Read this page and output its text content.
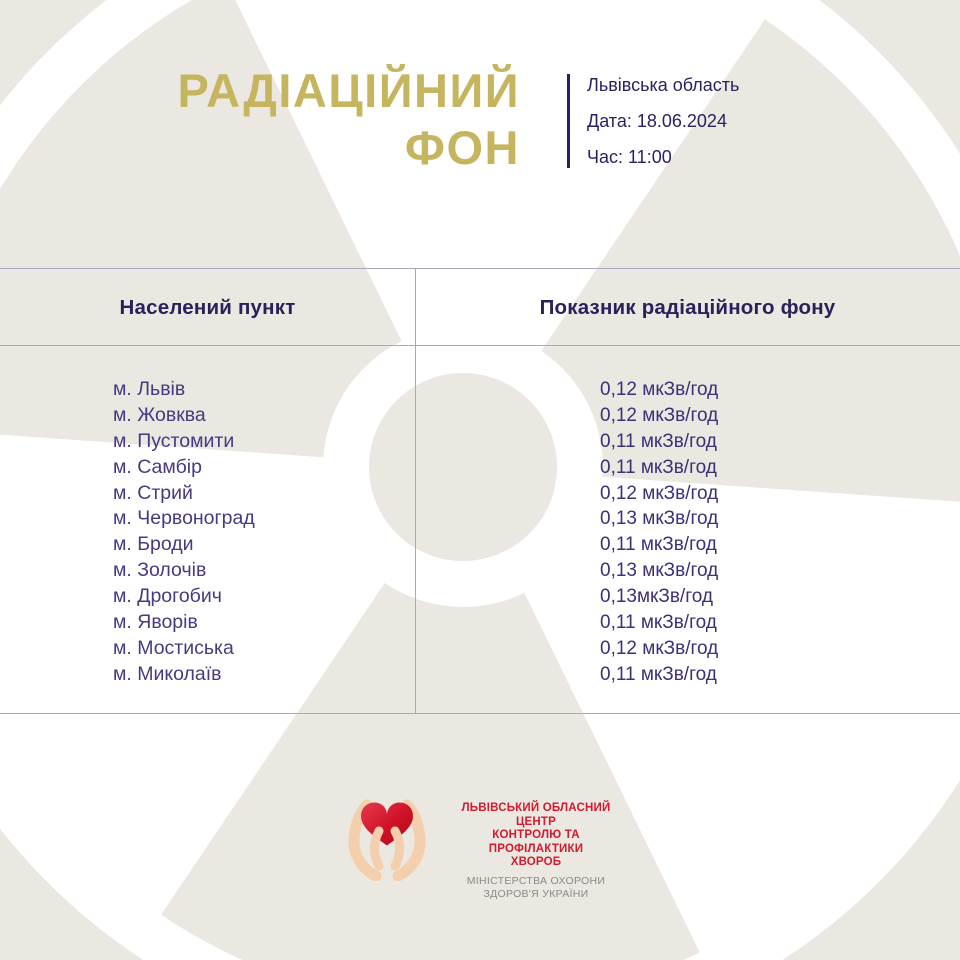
РАДІАЦІЙНИЙ
ФОН

Львівська область

Дата: 18.06.2024

Час: 11:00

Населений пункт	Показник радіаційного фону
м. Львів
м. Жовква
м. Пустомити
м. Самбір
м. Стрий
м. Червоноград
м. Броди
м. Золочів
м. Дрогобич
м. Яворів
м. Мостиська
м. Миколаїв
0,12 мкЗв/год
0,12 мкЗв/год
0,11 мкЗв/год
0,11 мкЗв/год
0,12 мкЗв/год
0,13 мкЗв/год
0,11 мкЗв/год
0,13 мкЗв/год
0,13мкЗв/год
0,11 мкЗв/год
0,12 мкЗв/год
0,11 мкЗв/год
ЛЬВІВСЬКИЙ ОБЛАСНИЙ ЦЕНТР
КОНТРОЛЮ ТА ПРОФІЛАКТИКИ
ХВОРОБ
МІНІСТЕРСТВА ОХОРОНИ
ЗДОРОВ'Я УКРАЇНИ
